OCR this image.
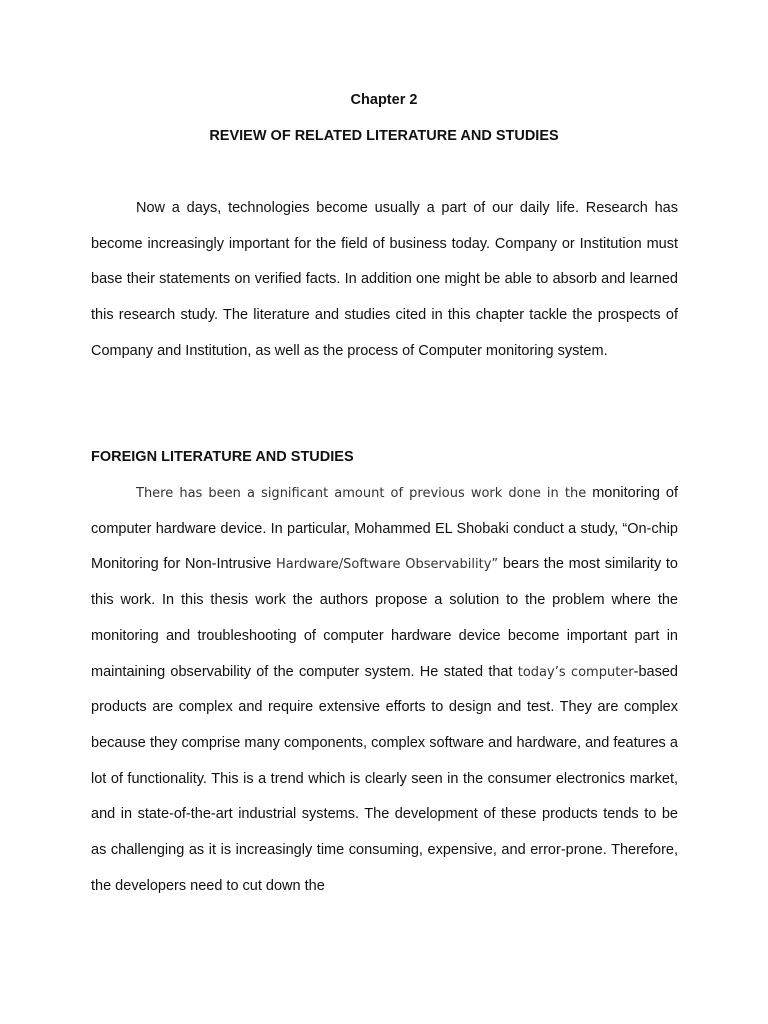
Chapter 2
REVIEW OF RELATED LITERATURE AND STUDIES

Now a days, technologies become usually a part of our daily life. Research has become increasingly important for the field of business today. Company or Institution must base their statements on verified facts. In addition one might be able to absorb and learned this research study. The literature and studies cited in this chapter tackle the prospects of Company and Institution, as well as the process of Computer monitoring system.

FOREIGN LITERATURE AND STUDIES

There has been a significant amount of previous work done in the monitoring of computer hardware device. In particular, Mohammed EL Shobaki conduct a study, “On-chip Monitoring for Non-Intrusive Hardware/Software Observability” bears the most similarity to this work. In this thesis work the authors propose a solution to the problem where the monitoring and troubleshooting of computer hardware device become important part in maintaining observability of the computer system. He stated that today’s computer-based products are complex and require extensive efforts to design and test. They are complex because they comprise many components, complex software and hardware, and features a lot of functionality. This is a trend which is clearly seen in the consumer electronics market, and in state-of-the-art industrial systems. The development of these products tends to be as challenging as it is increasingly time consuming, expensive, and error-prone. Therefore, the developers need to cut down the
